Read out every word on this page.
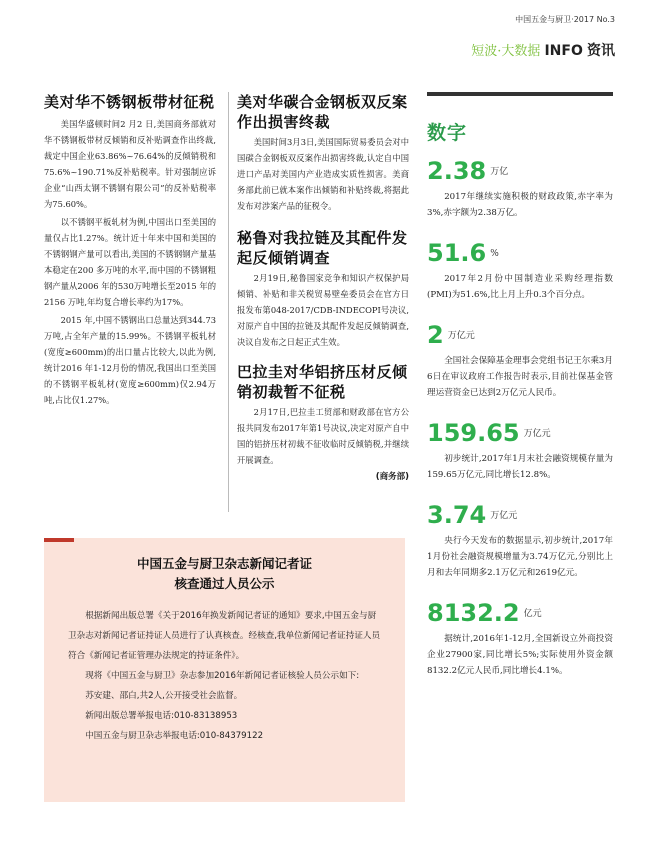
中国五金与厨卫·2017 No.3
短波·大数据 INFO 资讯
美对华不锈钢板带材征税

美国华盛顿时间2 月2 日,美国商务部就对华不锈钢板带材反倾销和反补贴调查作出终裁,裁定中国企业63.86%~76.64%的反倾销税和75.6%~190.71%反补贴税率。针对强制应诉企业“山西太钢不锈钢有限公司”的反补贴税率为75.60%。

以不锈钢平板轧材为例,中国出口至美国的量仅占比1.27%。统计近十年来中国和美国的不锈钢钢产量可以看出,美国的不锈钢钢产量基本稳定在200 多万吨的水平,而中国的不锈钢粗钢产量从2006 年的530万吨增长至2015 年的2156 万吨,年均复合增长率约为17%。

2015 年,中国不锈钢出口总量达到344.73 万吨,占全年产量的15.99%。不锈钢平板轧材(宽度≥600mm)的出口量占比较大,以此为例,统计2016 年1-12月份的情况,我国出口至美国的不锈钢平板轧材(宽度≥600mm)仅2.94万吨,占比仅1.27%。

美对华碳合金钢板双反案作出损害终裁

美国时间3月3日,美国国际贸易委员会对中国碳合金钢板双反案作出损害终裁,认定自中国进口产品对美国内产业造成实质性损害。美商务部此前已就本案作出倾销和补贴终裁,将据此发布对涉案产品的征税令。

秘鲁对我拉链及其配件发起反倾销调查

2月19日,秘鲁国家竞争和知识产权保护局倾销、补贴和非关税贸易壁垒委员会在官方日报发布第048-2017/CDB-INDECOPI号决议,对原产自中国的拉链及其配件发起反倾销调查,决议自发布之日起正式生效。

巴拉圭对华铝挤压材反倾销初裁暂不征税

2月17日,巴拉圭工贸部和财政部在官方公报共同发布2017年第1号决议,决定对原产自中国的铝挤压材初裁不征收临时反倾销税,并继续开展调查。

(商务部)
数字
2.38 $^{万亿}$

2017年继续实施积极的财政政策,赤字率为3%,赤字额为2.38万亿。

51.6 %

2017年2月份中国制造业采购经理指数(PMI)为51.6%,比上月上升0.3个百分点。

2 $^{万亿元}$

全国社会保障基金理事会党组书记王尔乘3月6日在审议政府工作报告时表示,目前社保基金管理运营资金已达到2万亿元人民币。

159.65 $^{万亿元}$

初步统计,2017年1月末社会融资规模存量为159.65万亿元,同比增长12.8%。

3.74 $^{万亿元}$

央行今天发布的数据显示,初步统计,2017年1月份社会融资规模增量为3.74万亿元,分别比上月和去年同期多2.1万亿元和2619亿元。

8132.2 $^{亿元}$

据统计,2016年1-12月,全国新设立外商投资企业27900家,同比增长5%;实际使用外资金额8132.2亿元人民币,同比增长4.1%。

中国五金与厨卫杂志新闻记者证
核查通过人员公示

根据新闻出版总署《关于2016年换发新闻记者证的通知》要求,中国五金与厨卫杂志对新闻记者证持证人员进行了认真核查。经核查,我单位新闻记者证持证人员符合《新闻记者证管理办法规定的持证条件》。

现将《中国五金与厨卫》杂志参加2016年新闻记者证核验人员公示如下:

苏安建、邵白,共2人,公开接受社会监督。

新闻出版总署举报电话:010-83138953

中国五金与厨卫杂志举报电话:010-84379122
